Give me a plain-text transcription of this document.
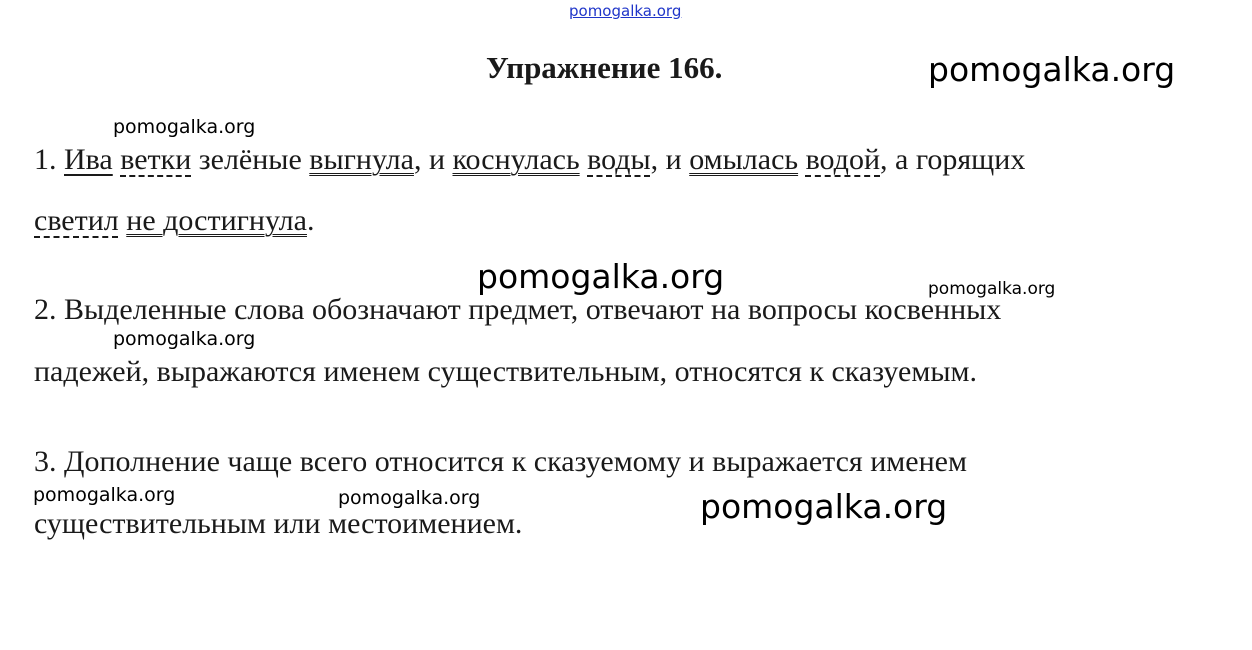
pomogalka.org
pomogalka.org
pomogalka.org
pomogalka.org	pomogalka.org
pomogalka.org
pomogalka.org	pomogalka.org	pomogalka.org
Упражнение 166.
1. Ива ветки зелёные выгнула, и коснулась воды, и омылась водой, а горящих
светил не достигнула.
2. Выделенные слова обозначают предмет, отвечают на вопросы косвенных
падежей, выражаются именем существительным, относятся к сказуемым.
3. Дополнение чаще всего относится к сказуемому и выражается именем
существительным или местоимением.
